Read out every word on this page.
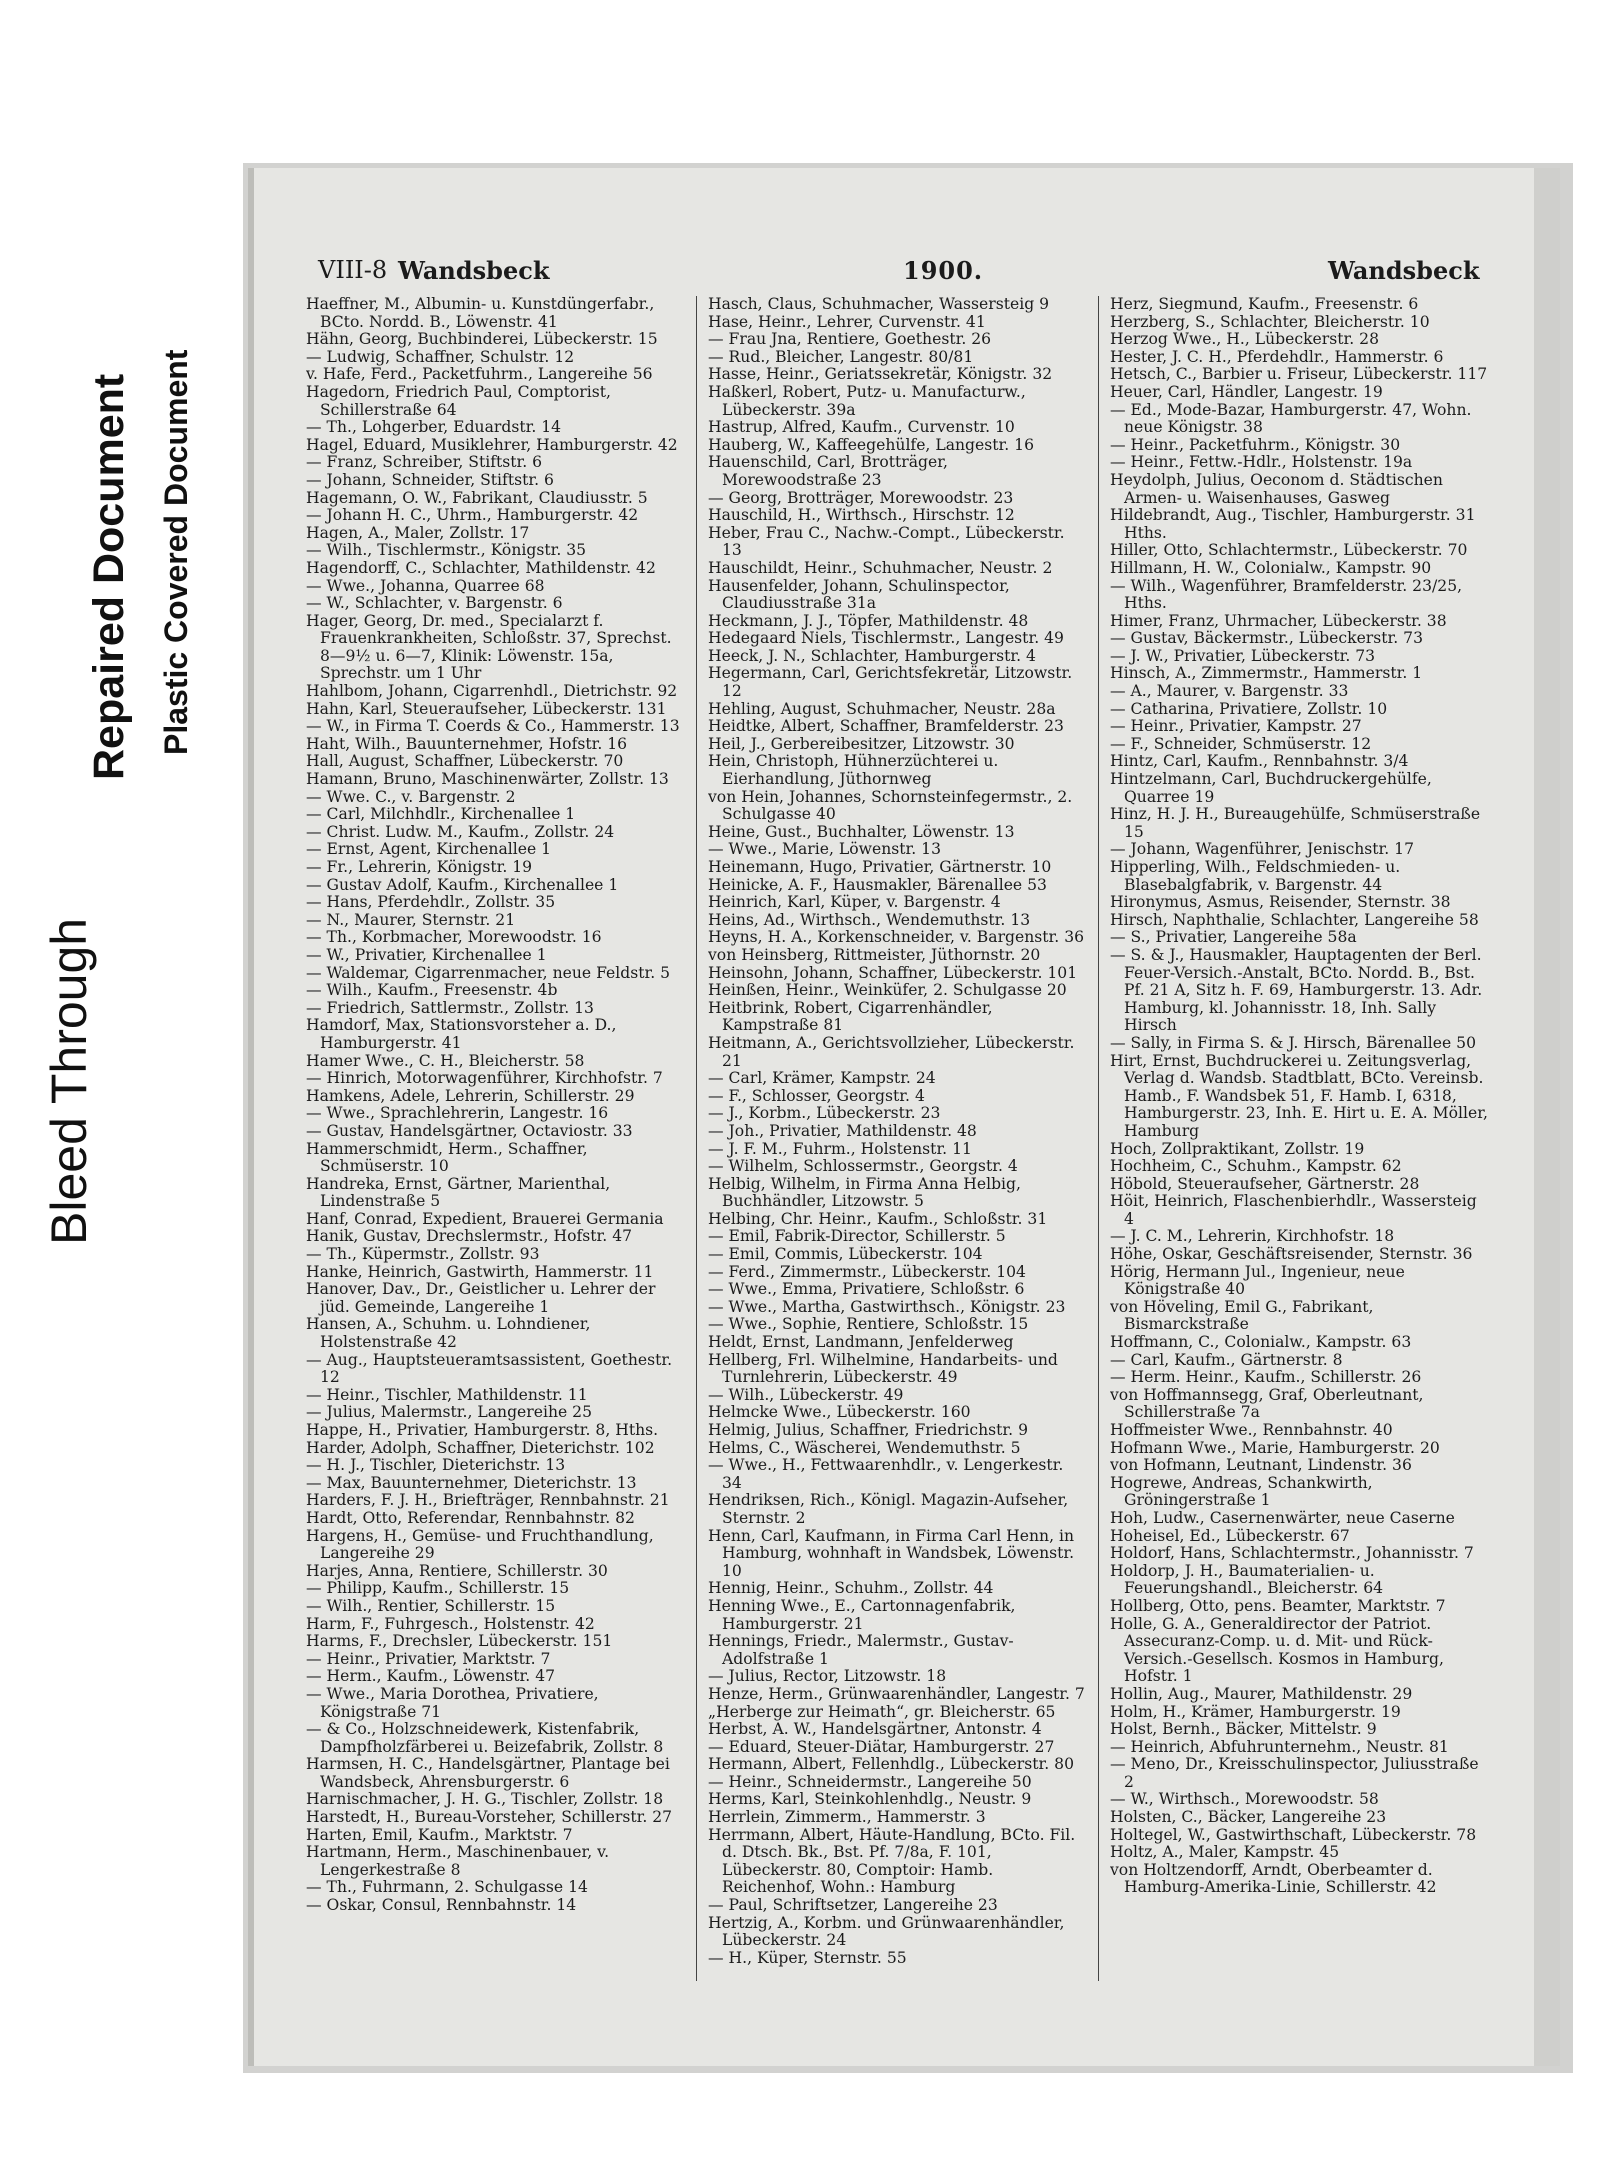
Bleed Through
Repaired Document Plastic Covered Document
VIII-8 Wandsbeck	1900.	Wandsbeck

Haeffner, M., Albumin- u. Kunstdüngerfabr., BCto. Nordd. B., Löwenstr. 41

Hähn, Georg, Buchbinderei, Lübeckerstr. 15

— Ludwig, Schaffner, Schulstr. 12

v. Hafe, Ferd., Packetfuhrm., Langereihe 56

Hagedorn, Friedrich Paul, Comptorist, Schillerstraße 64

— Th., Lohgerber, Eduardstr. 14

Hagel, Eduard, Musiklehrer, Hamburgerstr. 42

— Franz, Schreiber, Stiftstr. 6

— Johann, Schneider, Stiftstr. 6

Hagemann, O. W., Fabrikant, Claudiusstr. 5

— Johann H. C., Uhrm., Hamburgerstr. 42

Hagen, A., Maler, Zollstr. 17

— Wilh., Tischlermstr., Königstr. 35

Hagendorff, C., Schlachter, Mathildenstr. 42

— Wwe., Johanna, Quarree 68

— W., Schlachter, v. Bargenstr. 6

Hager, Georg, Dr. med., Specialarzt f. Frauenkrankheiten, Schloßstr. 37, Sprechst. 8—9½ u. 6—7, Klinik: Löwenstr. 15a, Sprechstr. um 1 Uhr

Hahlbom, Johann, Cigarrenhdl., Dietrichstr. 92

Hahn, Karl, Steueraufseher, Lübeckerstr. 131

— W., in Firma T. Coerds & Co., Hammerstr. 13

Haht, Wilh., Bauunternehmer, Hofstr. 16

Hall, August, Schaffner, Lübeckerstr. 70

Hamann, Bruno, Maschinenwärter, Zollstr. 13

— Wwe. C., v. Bargenstr. 2

— Carl, Milchhdlr., Kirchenallee 1

— Christ. Ludw. M., Kaufm., Zollstr. 24

— Ernst, Agent, Kirchenallee 1

— Fr., Lehrerin, Königstr. 19

— Gustav Adolf, Kaufm., Kirchenallee 1

— Hans, Pferdehdlr., Zollstr. 35

— N., Maurer, Sternstr. 21

— Th., Korbmacher, Morewoodstr. 16

— W., Privatier, Kirchenallee 1

— Waldemar, Cigarrenmacher, neue Feldstr. 5

— Wilh., Kaufm., Freesenstr. 4b

— Friedrich, Sattlermstr., Zollstr. 13

Hamdorf, Max, Stationsvorsteher a. D., Hamburgerstr. 41

Hamer Wwe., C. H., Bleicherstr. 58

— Hinrich, Motorwagenführer, Kirchhofstr. 7

Hamkens, Adele, Lehrerin, Schillerstr. 29

— Wwe., Sprachlehrerin, Langestr. 16

— Gustav, Handelsgärtner, Octaviostr. 33

Hammerschmidt, Herm., Schaffner, Schmüserstr. 10

Handreka, Ernst, Gärtner, Marienthal, Lindenstraße 5

Hanf, Conrad, Expedient, Brauerei Germania

Hanik, Gustav, Drechslermstr., Hofstr. 47

— Th., Küpermstr., Zollstr. 93

Hanke, Heinrich, Gastwirth, Hammerstr. 11

Hanover, Dav., Dr., Geistlicher u. Lehrer der jüd. Gemeinde, Langereihe 1

Hansen, A., Schuhm. u. Lohndiener, Holstenstraße 42

— Aug., Hauptsteueramtsassistent, Goethestr. 12

— Heinr., Tischler, Mathildenstr. 11

— Julius, Malermstr., Langereihe 25

Happe, H., Privatier, Hamburgerstr. 8, Hths.

Harder, Adolph, Schaffner, Dieterichstr. 102

— H. J., Tischler, Dieterichstr. 13

— Max, Bauunternehmer, Dieterichstr. 13

Harders, F. J. H., Briefträger, Rennbahnstr. 21

Hardt, Otto, Referendar, Rennbahnstr. 82

Hargens, H., Gemüse- und Fruchthandlung, Langereihe 29

Harjes, Anna, Rentiere, Schillerstr. 30

— Philipp, Kaufm., Schillerstr. 15

— Wilh., Rentier, Schillerstr. 15

Harm, F., Fuhrgesch., Holstenstr. 42

Harms, F., Drechsler, Lübeckerstr. 151

— Heinr., Privatier, Marktstr. 7

— Herm., Kaufm., Löwenstr. 47

— Wwe., Maria Dorothea, Privatiere, Königstraße 71

— & Co., Holzschneidewerk, Kistenfabrik, Dampfholzfärberei u. Beizefabrik, Zollstr. 8

Harmsen, H. C., Handelsgärtner, Plantage bei Wandsbeck, Ahrensburgerstr. 6

Harnischmacher, J. H. G., Tischler, Zollstr. 18

Harstedt, H., Bureau-Vorsteher, Schillerstr. 27

Harten, Emil, Kaufm., Marktstr. 7

Hartmann, Herm., Maschinenbauer, v. Lengerkestraße 8

— Th., Fuhrmann, 2. Schulgasse 14

— Oskar, Consul, Rennbahnstr. 14

Hasch, Claus, Schuhmacher, Wassersteig 9

Hase, Heinr., Lehrer, Curvenstr. 41

— Frau Jna, Rentiere, Goethestr. 26

— Rud., Bleicher, Langestr. 80/81

Hasse, Heinr., Geriatssekretär, Königstr. 32

Haßkerl, Robert, Putz- u. Manufacturw., Lübeckerstr. 39a

Hastrup, Alfred, Kaufm., Curvenstr. 10

Hauberg, W., Kaffeegehülfe, Langestr. 16

Hauenschild, Carl, Brotträger, Morewoodstraße 23

— Georg, Brotträger, Morewoodstr. 23

Hauschild, H., Wirthsch., Hirschstr. 12

Heber, Frau C., Nachw.-Compt., Lübeckerstr. 13

Hauschildt, Heinr., Schuhmacher, Neustr. 2

Hausenfelder, Johann, Schulinspector, Claudiusstraße 31a

Heckmann, J. J., Töpfer, Mathildenstr. 48

Hedegaard Niels, Tischlermstr., Langestr. 49

Heeck, J. N., Schlachter, Hamburgerstr. 4

Hegermann, Carl, Gerichtsfekretär, Litzowstr. 12

Hehling, August, Schuhmacher, Neustr. 28a

Heidtke, Albert, Schaffner, Bramfelderstr. 23

Heil, J., Gerbereibesitzer, Litzowstr. 30

Hein, Christoph, Hühnerzüchterei u. Eierhandlung, Jüthornweg

von Hein, Johannes, Schornsteinfegermstr., 2. Schulgasse 40

Heine, Gust., Buchhalter, Löwenstr. 13

— Wwe., Marie, Löwenstr. 13

Heinemann, Hugo, Privatier, Gärtnerstr. 10

Heinicke, A. F., Hausmakler, Bärenallee 53

Heinrich, Karl, Küper, v. Bargenstr. 4

Heins, Ad., Wirthsch., Wendemuthstr. 13

Heyns, H. A., Korkenschneider, v. Bargenstr. 36

von Heinsberg, Rittmeister, Jüthornstr. 20

Heinsohn, Johann, Schaffner, Lübeckerstr. 101

Heinßen, Heinr., Weinküfer, 2. Schulgasse 20

Heitbrink, Robert, Cigarrenhändler, Kampstraße 81

Heitmann, A., Gerichtsvollzieher, Lübeckerstr. 21

— Carl, Krämer, Kampstr. 24

— F., Schlosser, Georgstr. 4

— J., Korbm., Lübeckerstr. 23

— Joh., Privatier, Mathildenstr. 48

— J. F. M., Fuhrm., Holstenstr. 11

— Wilhelm, Schlossermstr., Georgstr. 4

Helbig, Wilhelm, in Firma Anna Helbig, Buchhändler, Litzowstr. 5

Helbing, Chr. Heinr., Kaufm., Schloßstr. 31

— Emil, Fabrik-Director, Schillerstr. 5

— Emil, Commis, Lübeckerstr. 104

— Ferd., Zimmermstr., Lübeckerstr. 104

— Wwe., Emma, Privatiere, Schloßstr. 6

— Wwe., Martha, Gastwirthsch., Königstr. 23

— Wwe., Sophie, Rentiere, Schloßstr. 15

Heldt, Ernst, Landmann, Jenfelderweg

Hellberg, Frl. Wilhelmine, Handarbeits- und Turnlehrerin, Lübeckerstr. 49

— Wilh., Lübeckerstr. 49

Helmcke Wwe., Lübeckerstr. 160

Helmig, Julius, Schaffner, Friedrichstr. 9

Helms, C., Wäscherei, Wendemuthstr. 5

— Wwe., H., Fettwaarenhdlr., v. Lengerkestr. 34

Hendriksen, Rich., Königl. Magazin-Aufseher, Sternstr. 2

Henn, Carl, Kaufmann, in Firma Carl Henn, in Hamburg, wohnhaft in Wandsbek, Löwenstr. 10

Hennig, Heinr., Schuhm., Zollstr. 44

Henning Wwe., E., Cartonnagenfabrik, Hamburgerstr. 21

Hennings, Friedr., Malermstr., Gustav-Adolfstraße 1

— Julius, Rector, Litzowstr. 18

Henze, Herm., Grünwaarenhändler, Langestr. 7

„Herberge zur Heimath“, gr. Bleicherstr. 65

Herbst, A. W., Handelsgärtner, Antonstr. 4

— Eduard, Steuer-Diätar, Hamburgerstr. 27

Hermann, Albert, Fellenhdlg., Lübeckerstr. 80

— Heinr., Schneidermstr., Langereihe 50

Herms, Karl, Steinkohlenhdlg., Neustr. 9

Herrlein, Zimmerm., Hammerstr. 3

Herrmann, Albert, Häute-Handlung, BCto. Fil. d. Dtsch. Bk., Bst. Pf. 7/8a, F. 101, Lübeckerstr. 80, Comptoir: Hamb. Reichenhof, Wohn.: Hamburg

— Paul, Schriftsetzer, Langereihe 23

Hertzig, A., Korbm. und Grünwaarenhändler, Lübeckerstr. 24

— H., Küper, Sternstr. 55

Herz, Siegmund, Kaufm., Freesenstr. 6

Herzberg, S., Schlachter, Bleicherstr. 10

Herzog Wwe., H., Lübeckerstr. 28

Hester, J. C. H., Pferdehdlr., Hammerstr. 6

Hetsch, C., Barbier u. Friseur, Lübeckerstr. 117

Heuer, Carl, Händler, Langestr. 19

— Ed., Mode-Bazar, Hamburgerstr. 47, Wohn. neue Königstr. 38

— Heinr., Packetfuhrm., Königstr. 30

— Heinr., Fettw.-Hdlr., Holstenstr. 19a

Heydolph, Julius, Oeconom d. Städtischen Armen- u. Waisenhauses, Gasweg

Hildebrandt, Aug., Tischler, Hamburgerstr. 31 Hths.

Hiller, Otto, Schlachtermstr., Lübeckerstr. 70

Hillmann, H. W., Colonialw., Kampstr. 90

— Wilh., Wagenführer, Bramfelderstr. 23/25, Hths.

Himer, Franz, Uhrmacher, Lübeckerstr. 38

— Gustav, Bäckermstr., Lübeckerstr. 73

— J. W., Privatier, Lübeckerstr. 73

Hinsch, A., Zimmermstr., Hammerstr. 1

— A., Maurer, v. Bargenstr. 33

— Catharina, Privatiere, Zollstr. 10

— Heinr., Privatier, Kampstr. 27

— F., Schneider, Schmüserstr. 12

Hintz, Carl, Kaufm., Rennbahnstr. 3/4

Hintzelmann, Carl, Buchdruckergehülfe, Quarree 19

Hinz, H. J. H., Bureaugehülfe, Schmüserstraße 15

— Johann, Wagenführer, Jenischstr. 17

Hipperling, Wilh., Feldschmieden- u. Blasebalgfabrik, v. Bargenstr. 44

Hironymus, Asmus, Reisender, Sternstr. 38

Hirsch, Naphthalie, Schlachter, Langereihe 58

— S., Privatier, Langereihe 58a

— S. & J., Hausmakler, Hauptagenten der Berl. Feuer-Versich.-Anstalt, BCto. Nordd. B., Bst. Pf. 21 A, Sitz h. F. 69, Hamburgerstr. 13. Adr. Hamburg, kl. Johannisstr. 18, Inh. Sally Hirsch

— Sally, in Firma S. & J. Hirsch, Bärenallee 50

Hirt, Ernst, Buchdruckerei u. Zeitungsverlag, Verlag d. Wandsb. Stadtblatt, BCto. Vereinsb. Hamb., F. Wandsbek 51, F. Hamb. I, 6318, Hamburgerstr. 23, Inh. E. Hirt u. E. A. Möller, Hamburg

Hoch, Zollpraktikant, Zollstr. 19

Hochheim, C., Schuhm., Kampstr. 62

Höbold, Steueraufseher, Gärtnerstr. 28

Höit, Heinrich, Flaschenbierhdlr., Wassersteig 4

— J. C. M., Lehrerin, Kirchhofstr. 18

Höhe, Oskar, Geschäftsreisender, Sternstr. 36

Hörig, Hermann Jul., Ingenieur, neue Königstraße 40

von Höveling, Emil G., Fabrikant, Bismarckstraße

Hoffmann, C., Colonialw., Kampstr. 63

— Carl, Kaufm., Gärtnerstr. 8

— Herm. Heinr., Kaufm., Schillerstr. 26

von Hoffmannsegg, Graf, Oberleutnant, Schillerstraße 7a

Hoffmeister Wwe., Rennbahnstr. 40

Hofmann Wwe., Marie, Hamburgerstr. 20

von Hofmann, Leutnant, Lindenstr. 36

Hogrewe, Andreas, Schankwirth, Gröningerstraße 1

Hoh, Ludw., Casernenwärter, neue Caserne

Hoheisel, Ed., Lübeckerstr. 67

Holdorf, Hans, Schlachtermstr., Johannisstr. 7

Holdorp, J. H., Baumaterialien- u. Feuerungshandl., Bleicherstr. 64

Hollberg, Otto, pens. Beamter, Marktstr. 7

Holle, G. A., Generaldirector der Patriot. Assecuranz-Comp. u. d. Mit- und Rück-Versich.-Gesellsch. Kosmos in Hamburg, Hofstr. 1

Hollin, Aug., Maurer, Mathildenstr. 29

Holm, H., Krämer, Hamburgerstr. 19

Holst, Bernh., Bäcker, Mittelstr. 9

— Heinrich, Abfuhrunternehm., Neustr. 81

— Meno, Dr., Kreisschulinspector, Juliusstraße 2

— W., Wirthsch., Morewoodstr. 58

Holsten, C., Bäcker, Langereihe 23

Holtegel, W., Gastwirthschaft, Lübeckerstr. 78

Holtz, A., Maler, Kampstr. 45

von Holtzendorff, Arndt, Oberbeamter d. Hamburg-Amerika-Linie, Schillerstr. 42
